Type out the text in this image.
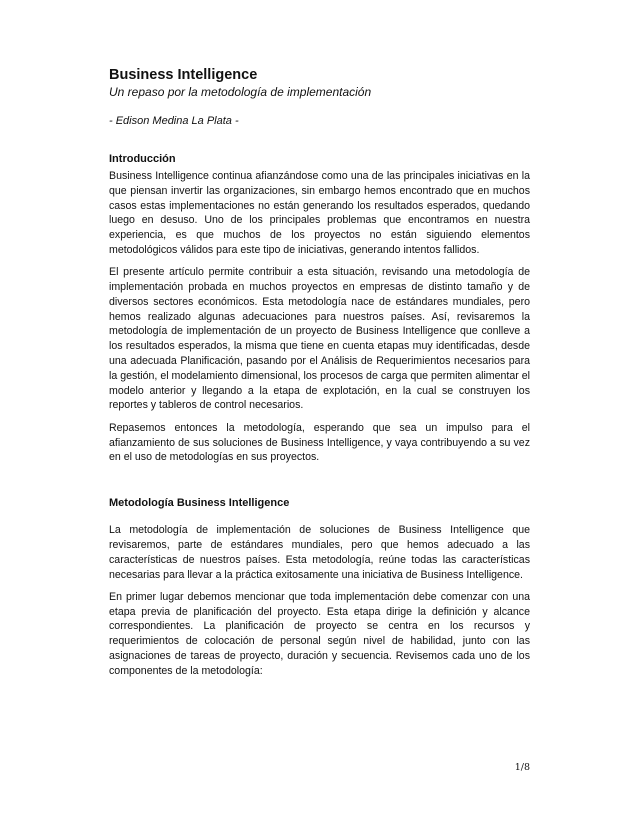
Business Intelligence
Un repaso por la metodología de implementación
- Edison Medina La Plata -
Introducción

Business Intelligence continua afianzándose como una de las principales iniciativas en la que piensan invertir las organizaciones, sin embargo hemos encontrado que en muchos casos estas implementaciones no están generando los resultados esperados, quedando luego en desuso. Uno de los principales problemas que encontramos en nuestra experiencia, es que muchos de los proyectos no están siguiendo elementos metodológicos válidos para este tipo de iniciativas, generando intentos fallidos.

El presente artículo permite contribuir a esta situación, revisando una metodología de implementación probada en muchos proyectos en empresas de distinto tamaño y de diversos sectores económicos. Esta metodología nace de estándares mundiales, pero hemos realizado algunas adecuaciones para nuestros países. Así, revisaremos la metodología de implementación de un proyecto de Business Intelligence que conlleve a los resultados esperados, la misma que tiene en cuenta etapas muy identificadas, desde una adecuada Planificación, pasando por el Análisis de Requerimientos necesarios para la gestión, el modelamiento dimensional, los procesos de carga que permiten alimentar el modelo anterior y llegando a la etapa de explotación, en la cual se construyen los reportes y tableros de control necesarios.

Repasemos entonces la metodología, esperando que sea un impulso para el afianzamiento de sus soluciones de Business Intelligence, y vaya contribuyendo a su vez en el uso de metodologías en sus proyectos.

Metodología Business Intelligence

La metodología de implementación de soluciones de Business Intelligence que revisaremos, parte de estándares mundiales, pero que hemos adecuado a las características de nuestros países. Esta metodología, reúne todas las características necesarias para llevar a la práctica exitosamente una iniciativa de Business Intelligence.

En primer lugar debemos mencionar que toda implementación debe comenzar con una etapa previa de planificación del proyecto. Esta etapa dirige la definición y alcance correspondientes. La planificación de proyecto se centra en los recursos y requerimientos de colocación de personal según nivel de habilidad, junto con las asignaciones de tareas de proyecto, duración y secuencia. Revisemos cada uno de los componentes de la metodología:

1/8
